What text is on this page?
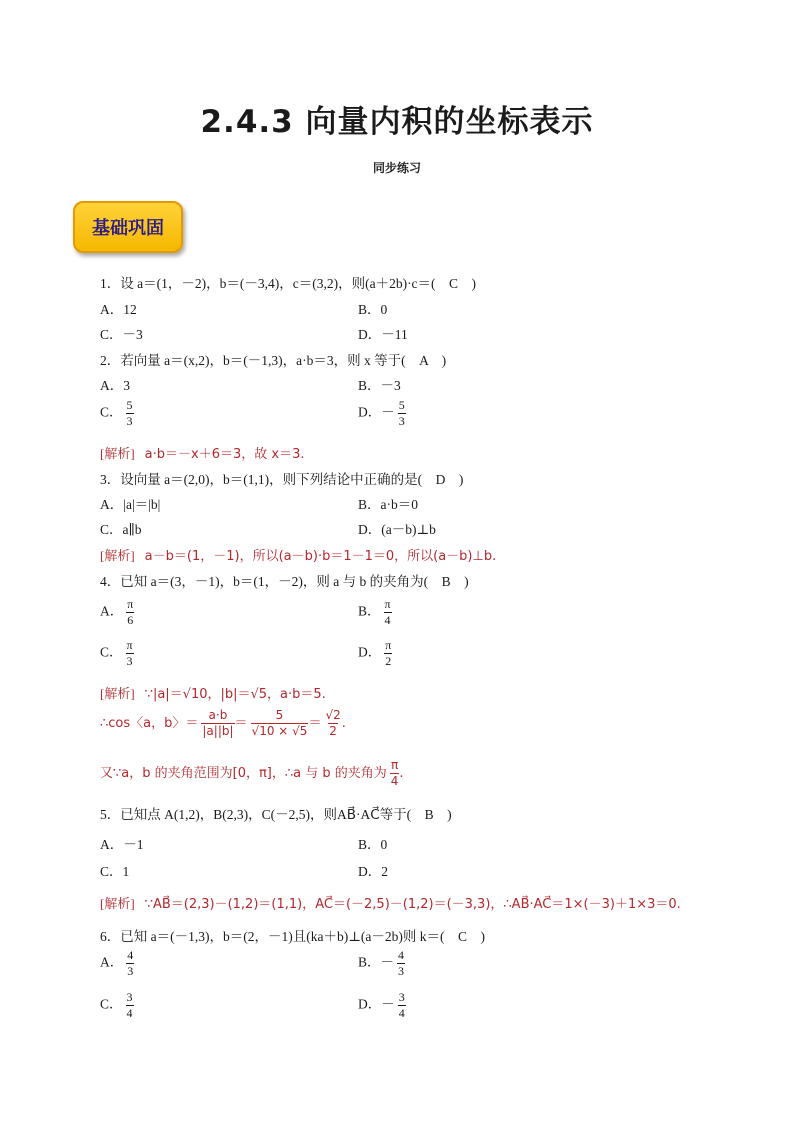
2.4.3 向量内积的坐标表示
同步练习
基础巩固
1．设 a＝(1，－2)，b＝(－3,4)，c＝(3,2)，则(a＋2b)·c＝(　C　)
A．12	B．0
C．－3	D．－11
2．若向量 a＝(x,2)，b＝(－1,3)，a·b＝3，则 x 等于(　A　)
A．3	B．－3
C． $\frac{5}{3}$	D．－ $\frac{5}{3}$
[解析] a·b＝－x＋6＝3，故 x＝3.
3．设向量 a＝(2,0)，b＝(1,1)，则下列结论中正确的是(　D　)
A．|a|＝|b|	B．a·b＝0
C．a∥b	D．(a－b)⊥b
[解析] a－b＝(1，－1)，所以(a－b)·b＝1－1＝0，所以(a－b)⊥b.
4．已知 a＝(3，－1)，b＝(1，－2)，则 a 与 b 的夹角为(　B　)
A． $\frac{\pi}{6}$	B． $\frac{\pi}{4}$
C． $\frac{\pi}{3}$	D． $\frac{\pi}{2}$
[解析] ∵|a|＝√10，|b|＝√5，a·b＝5.
∴cos〈a，b〉＝ $\frac{a\cdot b}{|a||b|} = \frac{5}{√10 \times √5} = \frac{√2}{2}$ .
又∵a，b 的夹角范围为[0，π]，∴a 与 b 的夹角为 $\frac{\pi}{4}$ .
5．已知点 A(1,2)，B(2,3)，C(－2,5)，则AB⃗·AC⃗等于(　B　)
A．－1	B．0
C．1	D．2
[解析] ∵AB⃗＝(2,3)－(1,2)＝(1,1)，AC⃗＝(－2,5)－(1,2)＝(－3,3)，∴AB⃗·AC⃗＝1×(－3)＋1×3＝0.
6．已知 a＝(－1,3)，b＝(2，－1)且(ka＋b)⊥(a－2b)则 k＝(　C　)
A． $\frac{4}{3}$	B．－ $\frac{4}{3}$
C． $\frac{3}{4}$	D．－ $\frac{3}{4}$
